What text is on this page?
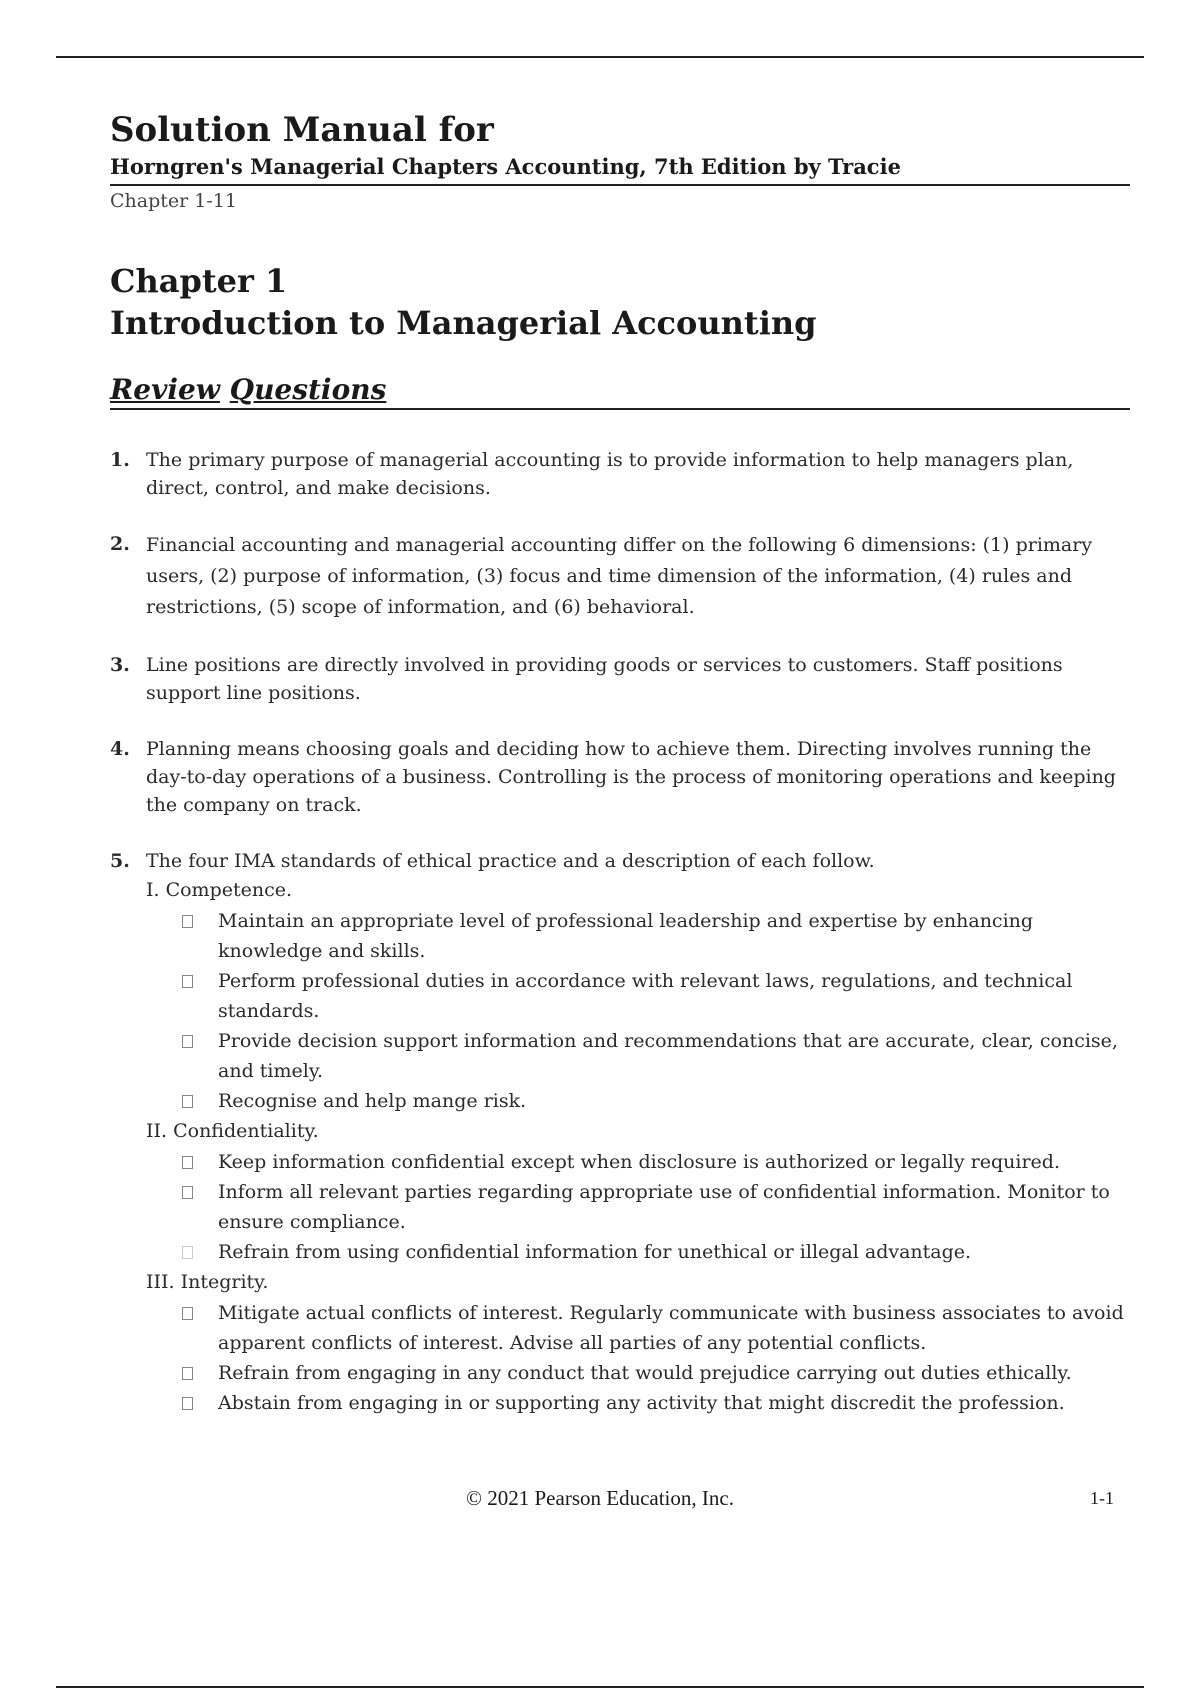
Solution Manual for
Horngren's Managerial Chapters Accounting, 7th Edition by Tracie
Chapter 1-11
Chapter 1
Introduction to Managerial Accounting
Review Questions
1. The primary purpose of managerial accounting is to provide information to help managers plan, direct, control, and make decisions.
2. Financial accounting and managerial accounting differ on the following 6 dimensions: (1) primary users, (2) purpose of information, (3) focus and time dimension of the information, (4) rules and restrictions, (5) scope of information, and (6) behavioral.
3. Line positions are directly involved in providing goods or services to customers. Staff positions support line positions.
4. Planning means choosing goals and deciding how to achieve them. Directing involves running the day-to-day operations of a business. Controlling is the process of monitoring operations and keeping the company on track.
5. The four IMA standards of ethical practice and a description of each follow.
I. Competence.
Maintain an appropriate level of professional leadership and expertise by enhancing knowledge and skills.
Perform professional duties in accordance with relevant laws, regulations, and technical standards.
Provide decision support information and recommendations that are accurate, clear, concise, and timely.
Recognise and help mange risk.
II. Confidentiality.
Keep information confidential except when disclosure is authorized or legally required.
Inform all relevant parties regarding appropriate use of confidential information. Monitor to ensure compliance.
Refrain from using confidential information for unethical or illegal advantage.
III. Integrity.
Mitigate actual conflicts of interest. Regularly communicate with business associates to avoid apparent conflicts of interest. Advise all parties of any potential conflicts.
Refrain from engaging in any conduct that would prejudice carrying out duties ethically.
Abstain from engaging in or supporting any activity that might discredit the profession.
© 2021 Pearson Education, Inc.	1-1
